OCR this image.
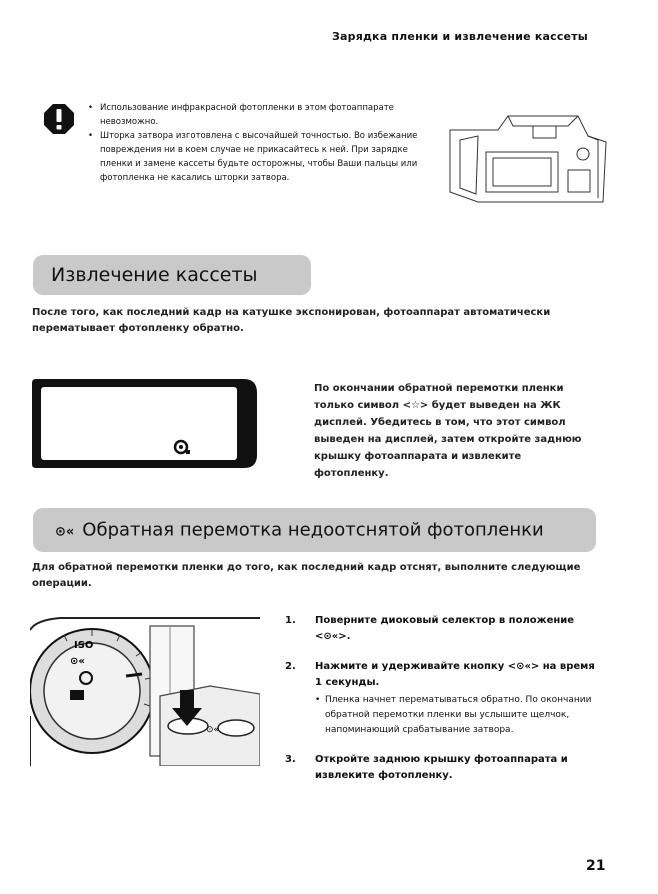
Зарядка пленки и извлечение кассеты
• Использование инфракрасной фотопленки в этом фотоаппарате невозможно.
• Шторка затвора изготовлена с высочайшей точностью. Во избежание повреждения ни в коем случае не прикасайтесь к ней. При зарядке пленки и замене кассеты будьте осторожны, чтобы Ваши пальцы или фотопленка не касались шторки затвора.
Извлечение кассеты
После того, как последний кадр на катушке экспонирован, фотоаппарат автоматически перематывает фотопленку обратно.
По окончании обратной перемотки пленки только символ <☆> будет выведен на ЖК дисплей. Убедитесь в том, что этот символ выведен на дисплей, затем откройте заднюю крышку фотоаппарата и извлеките фотопленку.
⊙« Обратная перемотка недоотснятой фотопленки
Для обратной перемотки пленки до того, как последний кадр отснят, выполните следующие операции.
ISO
⊙«
⊙«
1. Поверните диоковый селектор в положение <⊙«>.
2. Нажмите и удерживайте кнопку <⊙«> на время 1 секунды.
• Пленка начнет перематываться обратно. По окончании обратной перемотки пленки вы услышите щелчок, напоминающий срабатывание затвора.
3. Откройте заднюю крышку фотоаппарата и извлеките фотопленку.
21
